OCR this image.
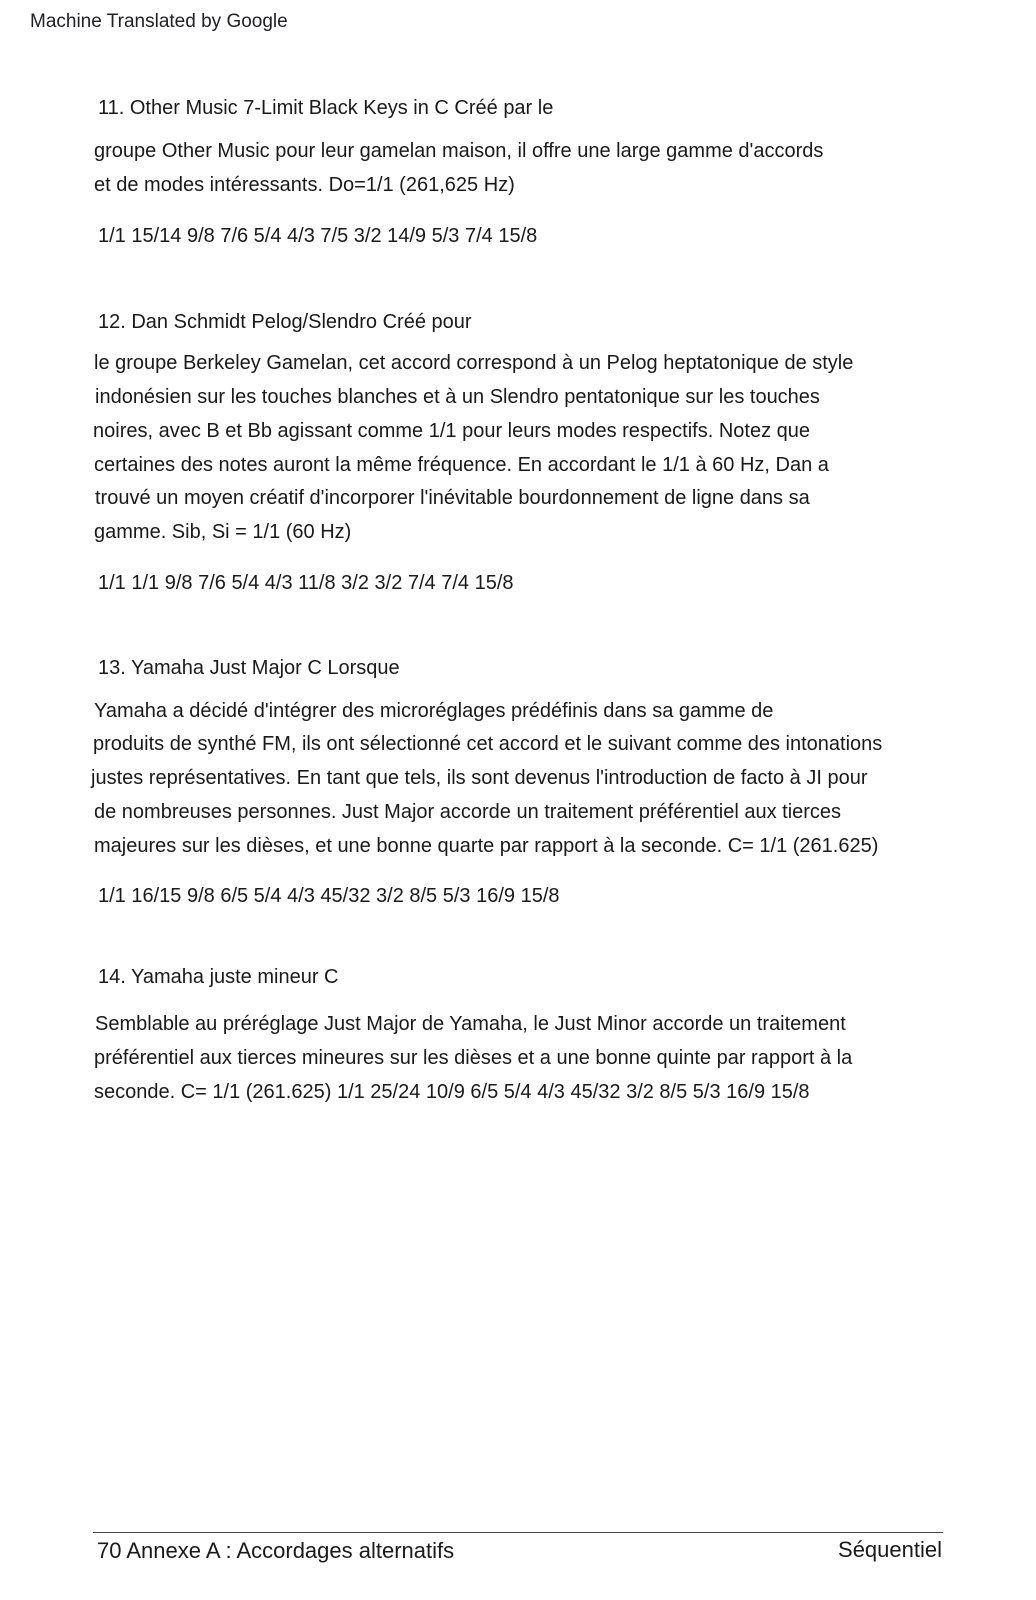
Machine Translated by Google
11. Other Music 7-Limit Black Keys in C Créé par le
groupe Other Music pour leur gamelan maison, il offre une large gamme d'accords
et de modes intéressants. Do=1/1 (261,625 Hz)
1/1 15/14 9/8 7/6 5/4 4/3 7/5 3/2 14/9 5/3 7/4 15/8
12. Dan Schmidt Pelog/Slendro Créé pour
le groupe Berkeley Gamelan, cet accord correspond à un Pelog heptatonique de style
indonésien sur les touches blanches et à un Slendro pentatonique sur les touches
noires, avec B et Bb agissant comme 1/1 pour leurs modes respectifs. Notez que
certaines des notes auront la même fréquence. En accordant le 1/1 à 60 Hz, Dan a
trouvé un moyen créatif d'incorporer l'inévitable bourdonnement de ligne dans sa
gamme. Sib, Si = 1/1 (60 Hz)
1/1 1/1 9/8 7/6 5/4 4/3 11/8 3/2 3/2 7/4 7/4 15/8
13. Yamaha Just Major C Lorsque
Yamaha a décidé d'intégrer des microréglages prédéfinis dans sa gamme de
produits de synthé FM, ils ont sélectionné cet accord et le suivant comme des intonations
justes représentatives. En tant que tels, ils sont devenus l'introduction de facto à JI pour
de nombreuses personnes. Just Major accorde un traitement préférentiel aux tierces
majeures sur les dièses, et une bonne quarte par rapport à la seconde. C= 1/1 (261.625)
1/1 16/15 9/8 6/5 5/4 4/3 45/32 3/2 8/5 5/3 16/9 15/8
14. Yamaha juste mineur C
Semblable au préréglage Just Major de Yamaha, le Just Minor accorde un traitement
préférentiel aux tierces mineures sur les dièses et a une bonne quinte par rapport à la
seconde. C= 1/1 (261.625) 1/1 25/24 10/9 6/5 5/4 4/3 45/32 3/2 8/5 5/3 16/9 15/8
70 Annexe A : Accordages alternatifs	Séquentiel
